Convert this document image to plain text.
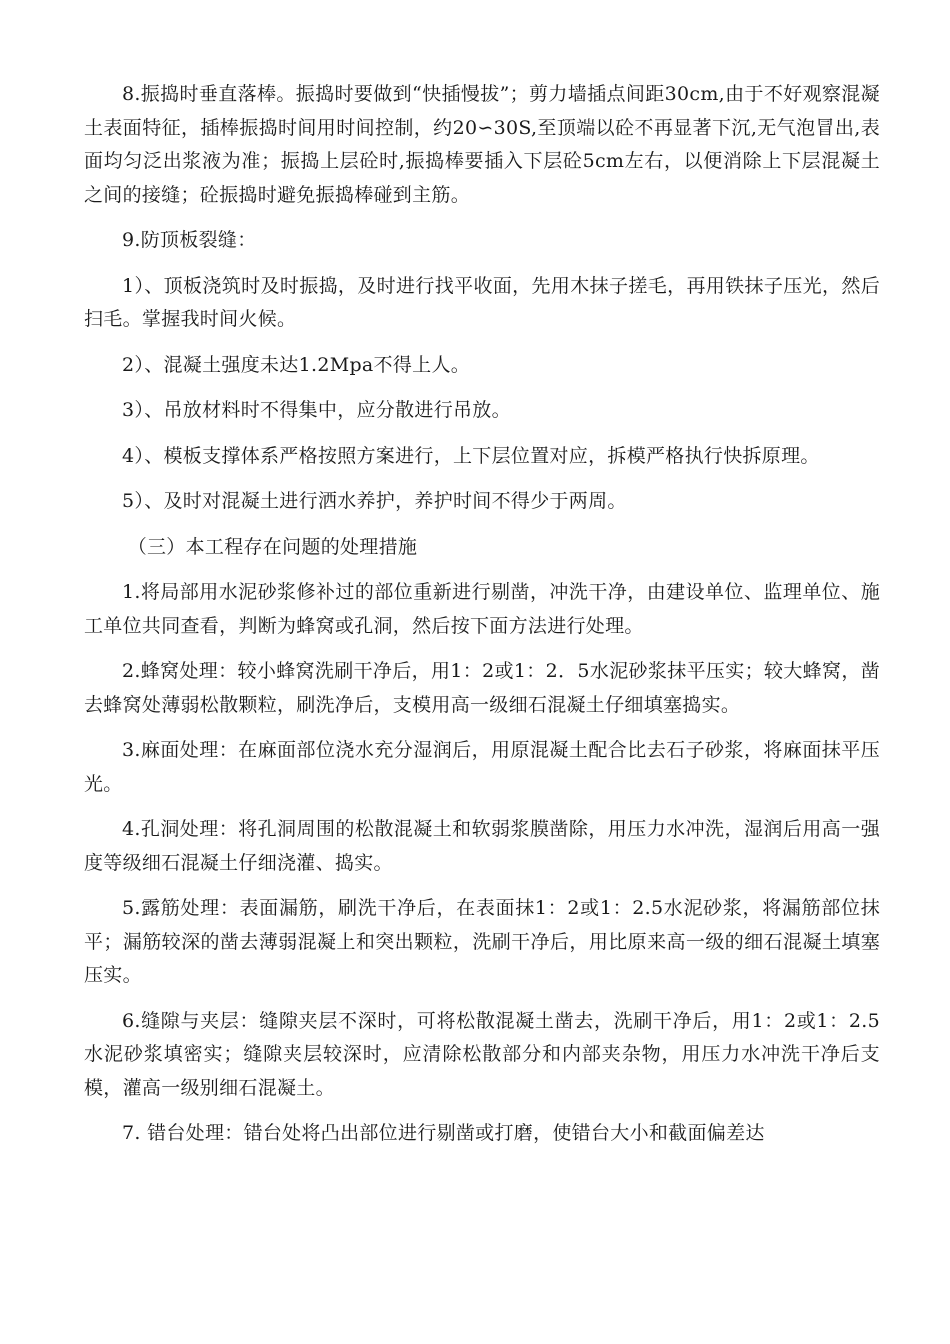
8.振捣时垂直落棒。振捣时要做到“快插慢拔”；剪力墙插点间距30cm,由于不好观察混凝土表面特征，插棒振捣时间用时间控制，约20∽30S,至顶端以砼不再显著下沉,无气泡冒出,表面均匀泛出浆液为准；振捣上层砼时,振捣棒要插入下层砼5cm左右，以便消除上下层混凝土之间的接缝；砼振捣时避免振捣棒碰到主筋。

9.防顶板裂缝：

1）、顶板浇筑时及时振捣，及时进行找平收面，先用木抹子搓毛，再用铁抹子压光，然后扫毛。掌握我时间火候。

2）、混凝土强度未达1.2Mpa不得上人。

3）、吊放材料时不得集中，应分散进行吊放。

4）、模板支撑体系严格按照方案进行，上下层位置对应，拆模严格执行快拆原理。

5）、及时对混凝土进行洒水养护，养护时间不得少于两周。

（三）本工程存在问题的处理措施

1.将局部用水泥砂浆修补过的部位重新进行剔凿，冲洗干净，由建设单位、监理单位、施工单位共同查看，判断为蜂窝或孔洞，然后按下面方法进行处理。

2.蜂窝处理：较小蜂窝洗刷干净后，用1：2或1：2．5水泥砂浆抹平压实；较大蜂窝，凿去蜂窝处薄弱松散颗粒，刷洗净后，支模用高一级细石混凝土仔细填塞捣实。

3.麻面处理：在麻面部位浇水充分湿润后，用原混凝土配合比去石子砂浆，将麻面抹平压光。

4.孔洞处理：将孔洞周围的松散混凝土和软弱浆膜凿除，用压力水冲洗，湿润后用高一强度等级细石混凝土仔细浇灌、捣实。

5.露筋处理：表面漏筋，刷洗干净后，在表面抹1：2或1：2.5水泥砂浆，将漏筋部位抹平；漏筋较深的凿去薄弱混凝上和突出颗粒，洗刷干净后，用比原来高一级的细石混凝土填塞压实。

6.缝隙与夹层：缝隙夹层不深时，可将松散混凝土凿去，洗刷干净后，用1：2或1：2.5水泥砂浆填密实；缝隙夹层较深时，应清除松散部分和内部夹杂物，用压力水冲洗干净后支模，灌高一级别细石混凝土。

7. 错台处理：错台处将凸出部位进行剔凿或打磨，使错台大小和截面偏差达
